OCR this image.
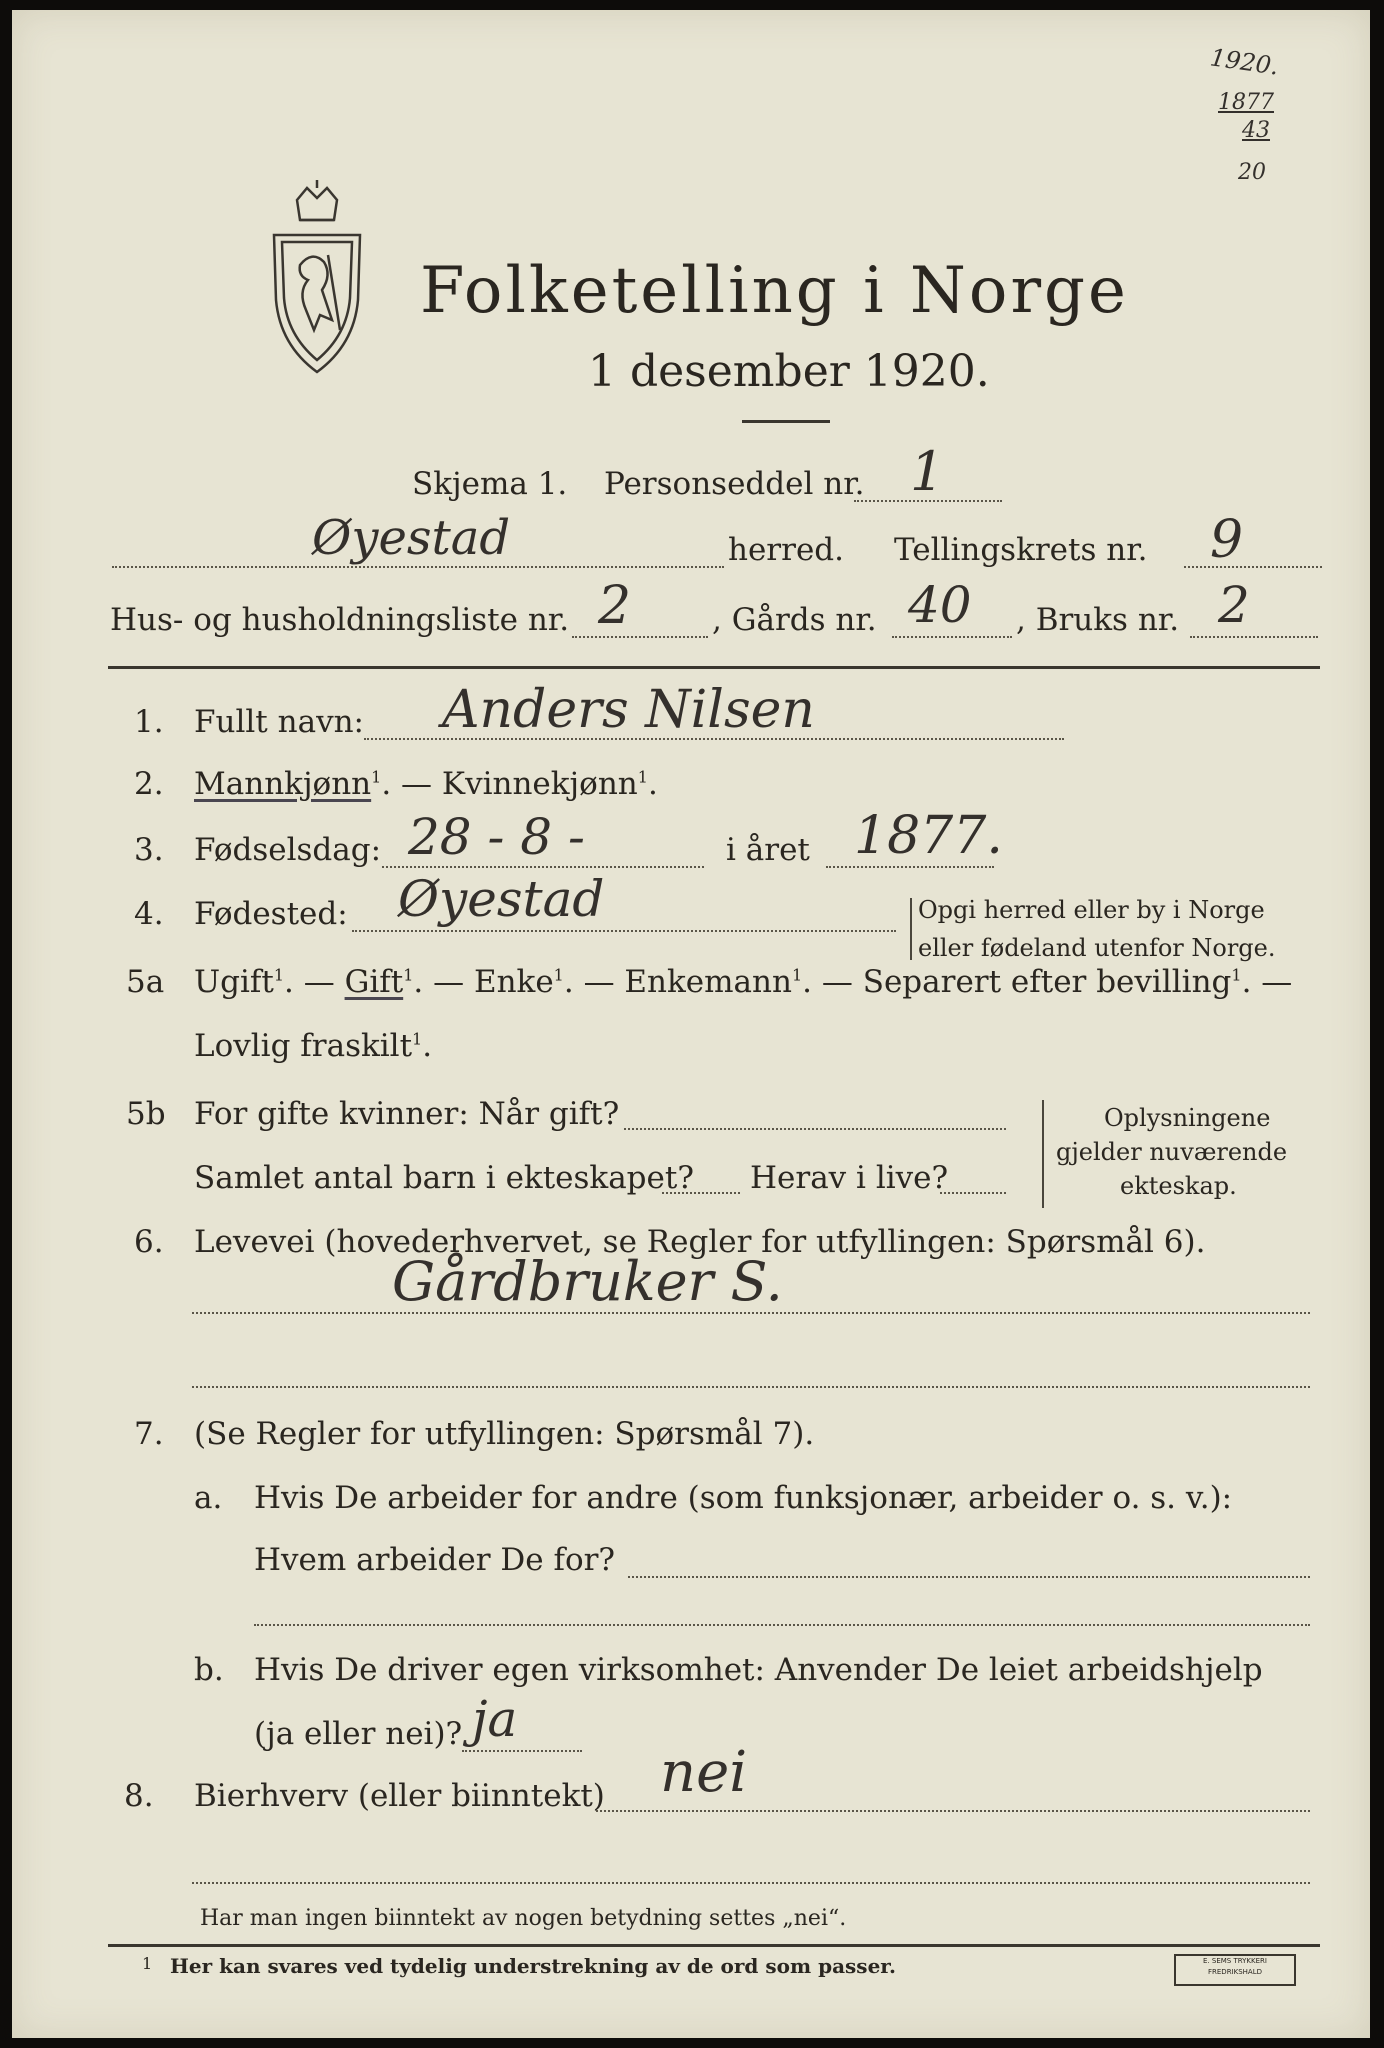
1920.
1877
43
20
Folketelling i Norge
1 desember 1920.
Skjema 1. Personseddel nr. 1
Øyestad	herred. Tellingskrets nr. 9
Hus- og husholdningsliste nr. 2	, Gårds nr. 40 , Bruks nr. 2
1. Fullt navn: Anders Nilsen
2. Mannkjønn$^1$. — Kvinnekjønn$^1$.
3. Fødselsdag: 28 - 8 -	i året 1877.
4. Fødested: Øyestad	Opgi herred eller by i Norge
eller fødeland utenfor Norge.
5a Ugift$^1$. — Gift$^1$. — Enke$^1$. — Enkemann$^1$. — Separert efter bevilling$^1$. —
Lovlig fraskilt$^1$.
5b For gifte kvinner: Når gift?
Samlet antal barn i ekteskapet? Herav i live?
Oplysningene
gjelder nuværende
ekteskap.
6. Levevei (hovederhvervet, se Regler for utfyllingen: Spørsmål 6).
Gårdbruker S.
7. (Se Regler for utfyllingen: Spørsmål 7).
a. Hvis De arbeider for andre (som funksjonær, arbeider o. s. v.):
Hvem arbeider De for?
b. Hvis De driver egen virksomhet: Anvender De leiet arbeidshjelp
(ja eller nei)? ja
8. Bierhverv (eller biinntekt) nei
Har man ingen biinntekt av nogen betydning settes „nei“.
1 Her kan svares ved tydelig understrekning av de ord som passer.	E. SEMS TRYKKERI
FREDRIKSHALD
